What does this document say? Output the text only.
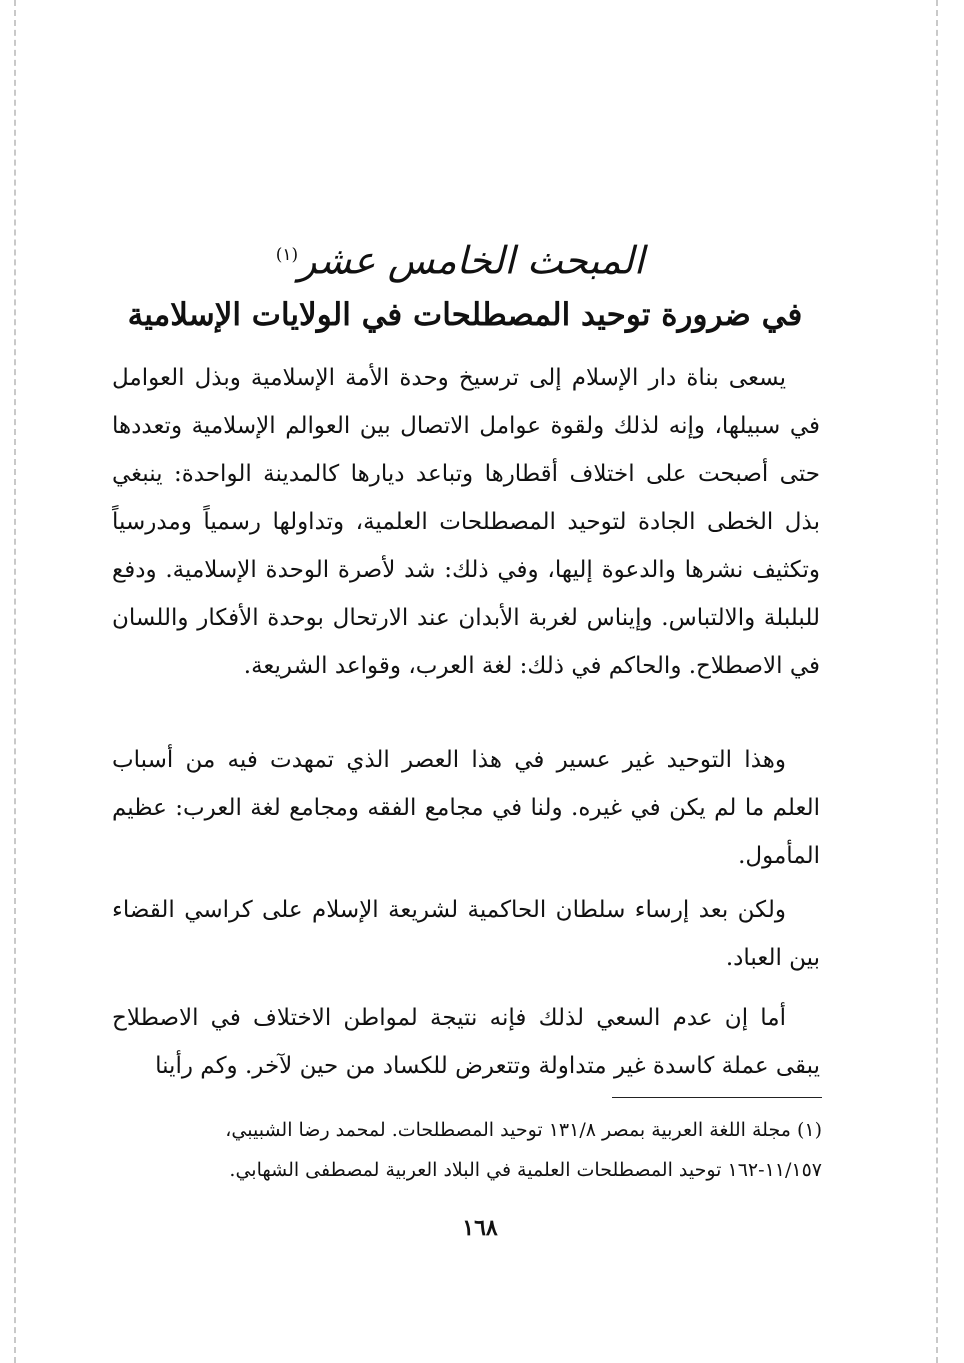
المبحث الخامس عشر$^{(١)}$
في ضرورة توحيد المصطلحات في الولايات الإسلامية

يسعى بناة دار الإسلام إلى ترسيخ وحدة الأمة الإسلامية وبذل العوامل في سبيلها، وإنه لذلك ولقوة عوامل الاتصال بين العوالم الإسلامية وتعددها حتى أصبحت على اختلاف أقطارها وتباعد ديارها كالمدينة الواحدة: ينبغي بذل الخطى الجادة لتوحيد المصطلحات العلمية، وتداولها رسمياً ومدرسياً وتكثيف نشرها والدعوة إليها، وفي ذلك: شد لأصرة الوحدة الإسلامية. ودفع للبلبلة والالتباس. وإيناس لغربة الأبدان عند الارتحال بوحدة الأفكار واللسان في الاصطلاح. والحاكم في ذلك: لغة العرب، وقواعد الشريعة.

وهذا التوحيد غير عسير في هذا العصر الذي تمهدت فيه من أسباب العلم ما لم يكن في غيره. ولنا في مجامع الفقه ومجامع لغة العرب: عظيم المأمول.

ولكن بعد إرساء سلطان الحاكمية لشريعة الإسلام على كراسي القضاء بين العباد.

أما إن عدم السعي لذلك فإنه نتيجة لمواطن الاختلاف في الاصطلاح يبقى عملة كاسدة غير متداولة وتتعرض للكساد من حين لآخر. وكم رأينا

(١) مجلة اللغة العربية بمصر ١٣١/٨ توحيد المصطلحات. لمحمد رضا الشبيبي،
١١/١٥٧-١٦٢ توحيد المصطلحات العلمية في البلاد العربية لمصطفى الشهابي.
١٦٨
